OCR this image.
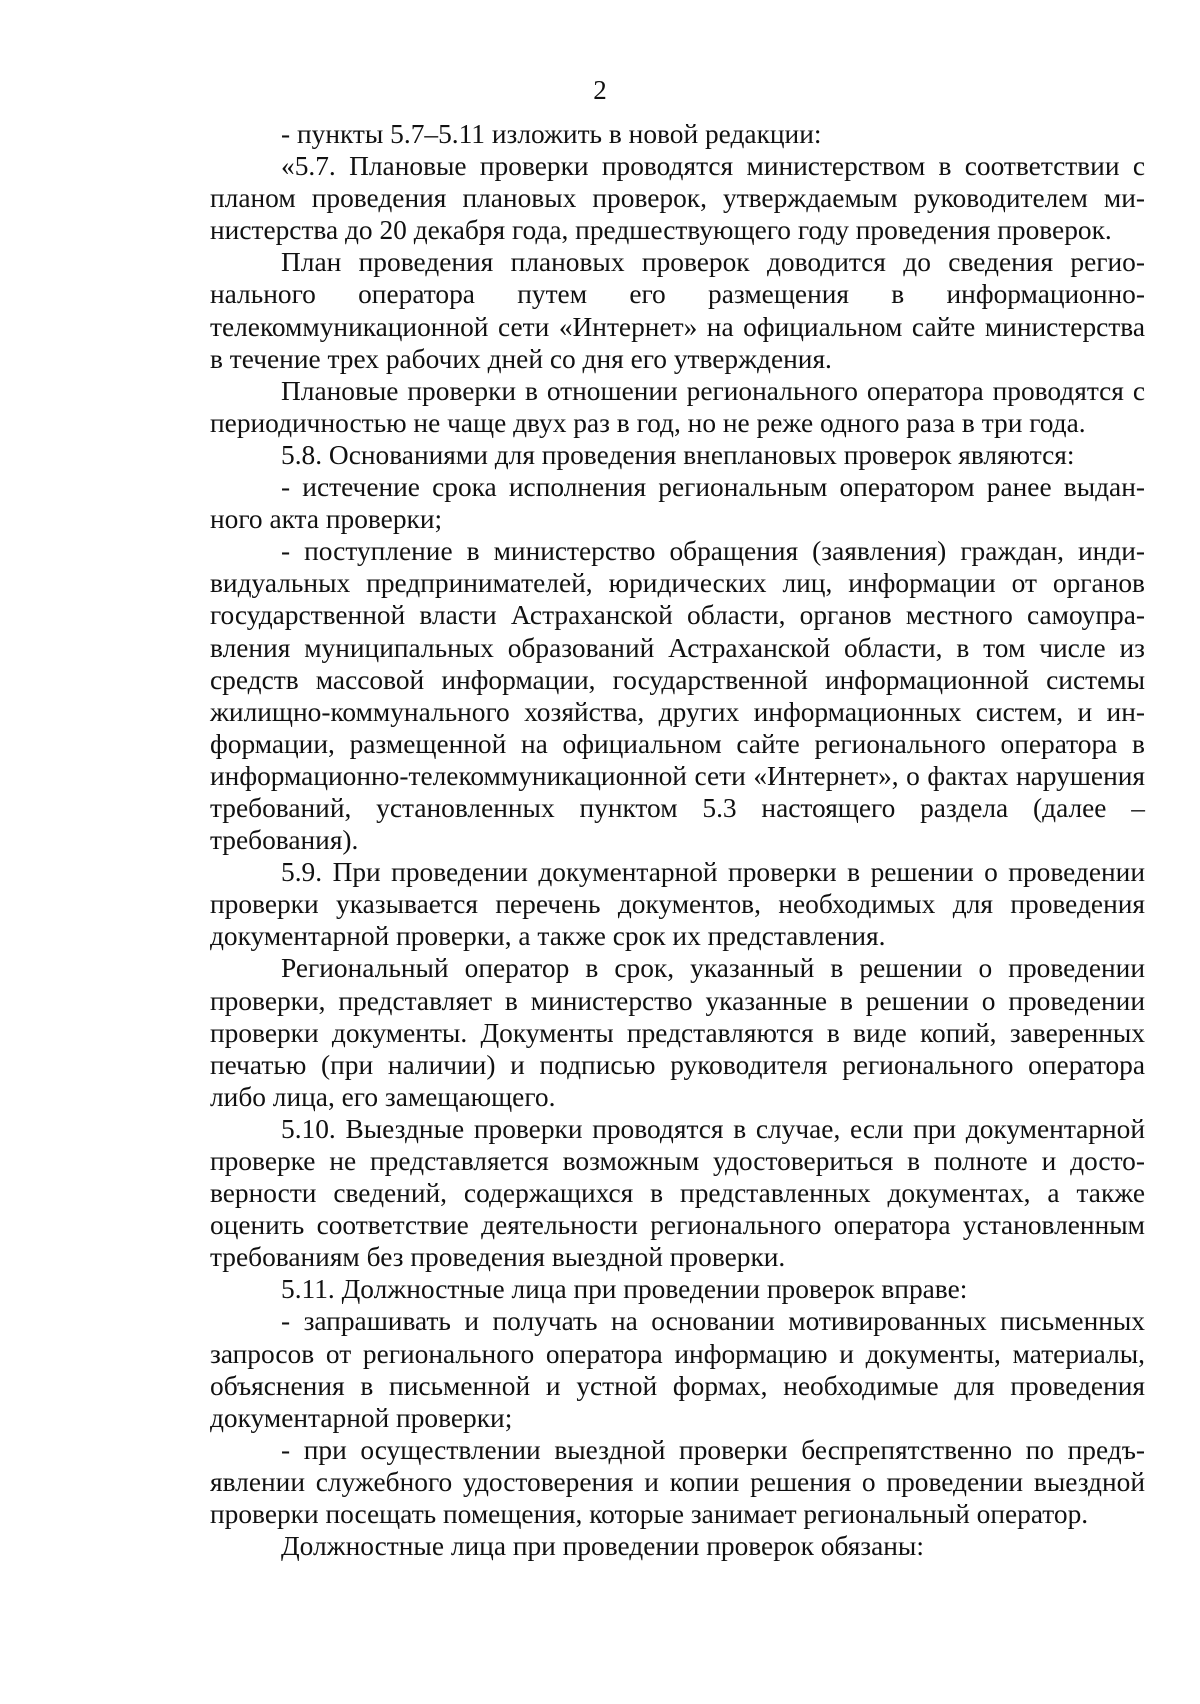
2

- пункты 5.7–5.11 изложить в новой редакции:

«5.7. Плановые проверки проводятся министерством в соответствии с планом проведения плановых проверок, утверждаемым руководителем министерства до 20 декабря года, предшествующего году проведения проверок.

План проведения плановых проверок доводится до сведения регионального оператора путем его размещения в информационно-телекоммуникационной сети «Интернет» на официальном сайте министерства в течение трех рабочих дней со дня его утверждения.

Плановые проверки в отношении регионального оператора проводятся с периодичностью не чаще двух раз в год, но не реже одного раза в три года.

5.8. Основаниями для проведения внеплановых проверок являются:

- истечение срока исполнения региональным оператором ранее выданного акта проверки;

- поступление в министерство обращения (заявления) граждан, индивидуальных предпринимателей, юридических лиц, информации от органов государственной власти Астраханской области, органов местного самоуправления муниципальных образований Астраханской области, в том числе из средств массовой информации, государственной информационной системы жилищно-коммунального хозяйства, других информационных систем, и информации, размещенной на официальном сайте регионального оператора в информационно-телекоммуникационной сети «Интернет», о фактах нарушения требований, установленных пунктом 5.3 настоящего раздела (далее – требования).

5.9. При проведении документарной проверки в решении о проведении проверки указывается перечень документов, необходимых для проведения документарной проверки, а также срок их представления.

Региональный оператор в срок, указанный в решении о проведении проверки, представляет в министерство указанные в решении о проведении проверки документы. Документы представляются в виде копий, заверенных печатью (при наличии) и подписью руководителя регионального оператора либо лица, его замещающего.

5.10. Выездные проверки проводятся в случае, если при документарной проверке не представляется возможным удостовериться в полноте и достоверности сведений, содержащихся в представленных документах, а также оценить соответствие деятельности регионального оператора установленным требованиям без проведения выездной проверки.

5.11. Должностные лица при проведении проверок вправе:

- запрашивать и получать на основании мотивированных письменных запросов от регионального оператора информацию и документы, материалы, объяснения в письменной и устной формах, необходимые для проведения документарной проверки;

- при осуществлении выездной проверки беспрепятственно по предъявлении служебного удостоверения и копии решения о проведении выездной проверки посещать помещения, которые занимает региональный оператор.

Должностные лица при проведении проверок обязаны:
